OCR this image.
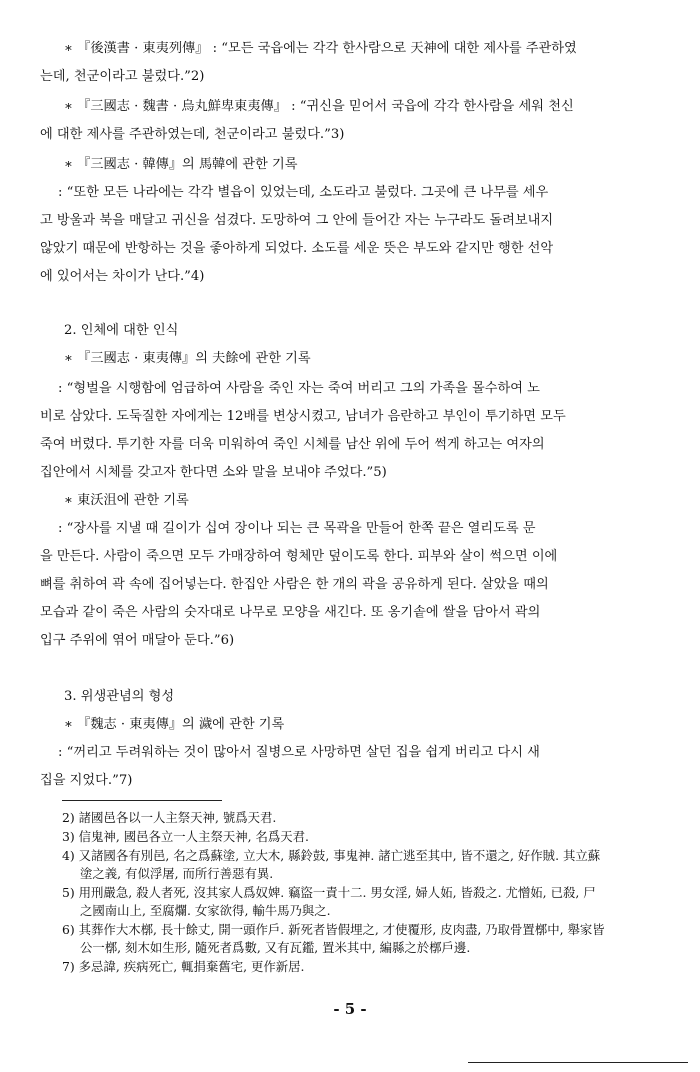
∗ 『後漢書 · 東夷列傳』 : “모든 국읍에는 각각 한사람으로 天神에 대한 제사를 주관하였
는데, 천군이라고 불렀다.”2)
∗ 『三國志 · 魏書 · 烏丸鮮卑東夷傳』 : “귀신을 믿어서 국읍에 각각 한사람을 세워 천신
에 대한 제사를 주관하였는데, 천군이라고 불렀다.”3)
∗ 『三國志 · 韓傳』의 馬韓에 관한 기록
: “또한 모든 나라에는 각각 별읍이 있었는데, 소도라고 불렀다. 그곳에 큰 나무를 세우
고 방울과 북을 매달고 귀신을 섬겼다. 도망하여 그 안에 들어간 자는 누구라도 돌려보내지
않았기 때문에 반항하는 것을 좋아하게 되었다. 소도를 세운 뜻은 부도와 같지만 행한 선악
에 있어서는 차이가 난다.”4)
2. 인체에 대한 인식
∗ 『三國志 · 東夷傳』의 夫餘에 관한 기록
: “형벌을 시행함에 엄급하여 사람을 죽인 자는 죽여 버리고 그의 가족을 몰수하여 노
비로 삼았다. 도둑질한 자에게는 12배를 변상시켰고, 남녀가 음란하고 부인이 투기하면 모두
죽여 버렸다. 투기한 자를 더욱 미워하여 죽인 시체를 남산 위에 두어 썩게 하고는 여자의
집안에서 시체를 갖고자 한다면 소와 말을 보내야 주었다.”5)
∗ 東沃沮에 관한 기록
: “장사를 지낼 때 길이가 십여 장이나 되는 큰 목곽을 만들어 한쪽 끝은 열리도록 문
을 만든다. 사람이 죽으면 모두 가매장하여 형체만 덮이도록 한다. 피부와 살이 썩으면 이에
뼈를 취하여 곽 속에 집어넣는다. 한집안 사람은 한 개의 곽을 공유하게 된다. 살았을 때의
모습과 같이 죽은 사람의 숫자대로 나무로 모양을 새긴다. 또 옹기솥에 쌀을 담아서 곽의
입구 주위에 엮어 매달아 둔다.”6)
3. 위생관념의 형성
∗ 『魏志 · 東夷傳』의 濊에 관한 기록
: “꺼리고 두려워하는 것이 많아서 질병으로 사망하면 살던 집을 쉽게 버리고 다시 새
집을 지었다.”7)
2) 諸國邑各以一人主祭天神, 號爲天君.
3) 信鬼神, 國邑各立一人主祭天神, 名爲天君.
4) 又諸國各有別邑, 名之爲蘇塗, 立大木, 縣鈴鼓, 事鬼神. 諸亡逃至其中, 皆不還之, 好作賊. 其立蘇
塗之義, 有似浮屠, 而所行善惡有異.
5) 用刑嚴急, 殺人者死, 沒其家人爲奴婢. 竊盜一責十二. 男女淫, 婦人妬, 皆殺之. 尤憎妬, 已殺, 尸
之國南山上, 至腐爛. 女家欲得, 輸牛馬乃與之.
6) 其葬作大木槨, 長十餘丈, 開一頭作戶. 新死者皆假埋之, 才使覆形, 皮肉盡, 乃取骨置槨中, 舉家皆
公一槨, 刻木如生形, 隨死者爲數, 又有瓦鑑, 置米其中, 編縣之於槨戶邊.
7) 多忌諱, 疾病死亡, 輒捐棄舊宅, 更作新居.
- 5 -
